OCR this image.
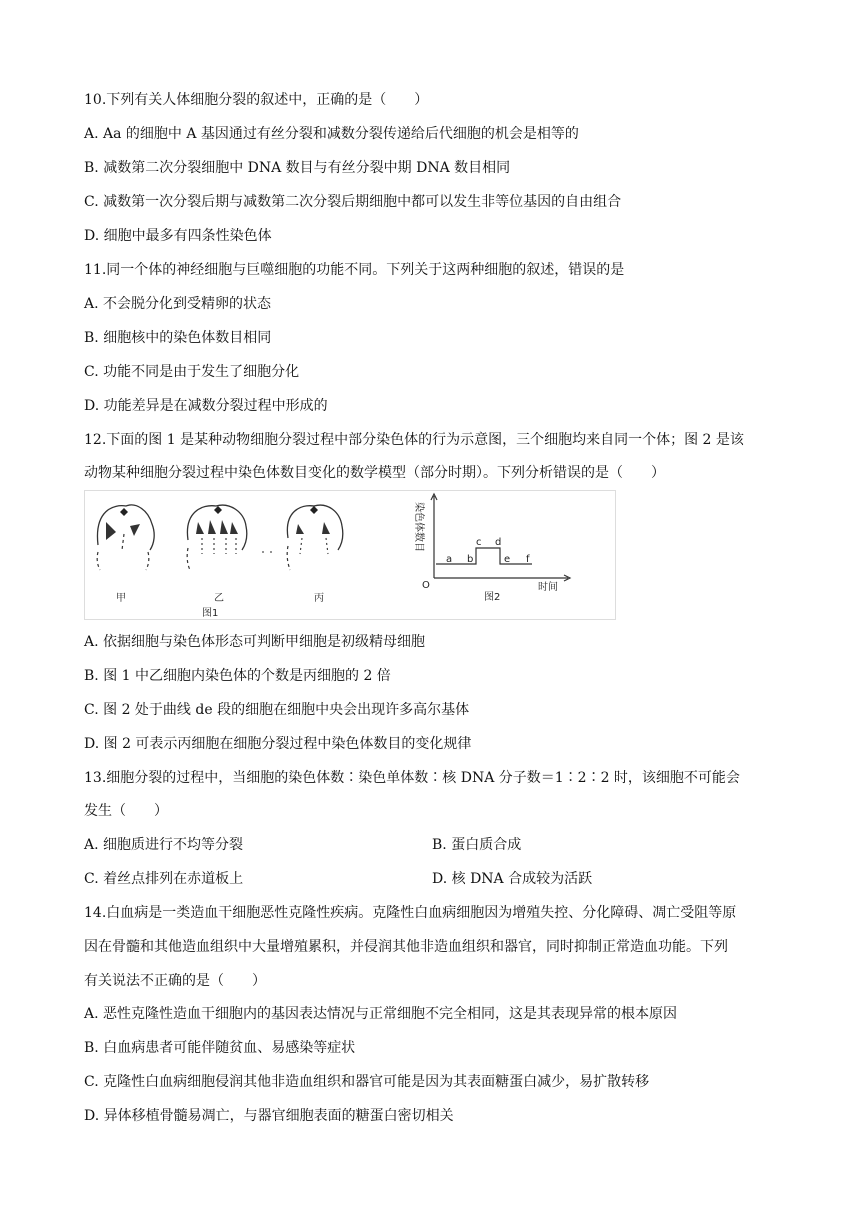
10.下列有关人体细胞分裂的叙述中，正确的是（　　）
A. Aa 的细胞中 A 基因通过有丝分裂和减数分裂传递给后代细胞的机会是相等的
B. 减数第二次分裂细胞中 DNA 数目与有丝分裂中期 DNA 数目相同
C. 减数第一次分裂后期与减数第二次分裂后期细胞中都可以发生非等位基因的自由组合
D. 细胞中最多有四条性染色体
11.同一个体的神经细胞与巨噬细胞的功能不同。下列关于这两种细胞的叙述，错误的是
A. 不会脱分化到受精卵的状态
B. 细胞核中的染色体数目相同
C. 功能不同是由于发生了细胞分化
D. 功能差异是在减数分裂过程中形成的
12.下面的图 1 是某种动物细胞分裂过程中部分染色体的行为示意图，三个细胞均来自同一个体；图 2 是该
动物某种细胞分裂过程中染色体数目变化的数学模型（部分时期）。下列分析错误的是（　　）
甲	乙	丙
图1
染色体数目
O
a b
c d
e f
时间
图2
A. 依据细胞与染色体形态可判断甲细胞是初级精母细胞
B. 图 1 中乙细胞内染色体的个数是丙细胞的 2 倍
C. 图 2 处于曲线 de 段的细胞在细胞中央会出现许多高尔基体
D. 图 2 可表示丙细胞在细胞分裂过程中染色体数目的变化规律
13.细胞分裂的过程中，当细胞的染色体数∶染色单体数∶核 DNA 分子数＝1∶2∶2 时，该细胞不可能会
发生（　　）
A. 细胞质进行不均等分裂	B. 蛋白质合成
C. 着丝点排列在赤道板上	D. 核 DNA 合成较为活跃
14.白血病是一类造血干细胞恶性克隆性疾病。克隆性白血病细胞因为增殖失控、分化障碍、凋亡受阻等原
因在骨髓和其他造血组织中大量增殖累积，并侵润其他非造血组织和器官，同时抑制正常造血功能。下列
有关说法不正确的是（　　）
A. 恶性克隆性造血干细胞内的基因表达情况与正常细胞不完全相同，这是其表现异常的根本原因
B. 白血病患者可能伴随贫血、易感染等症状
C. 克隆性白血病细胞侵润其他非造血组织和器官可能是因为其表面糖蛋白减少，易扩散转移
D. 异体移植骨髓易凋亡，与器官细胞表面的糖蛋白密切相关
